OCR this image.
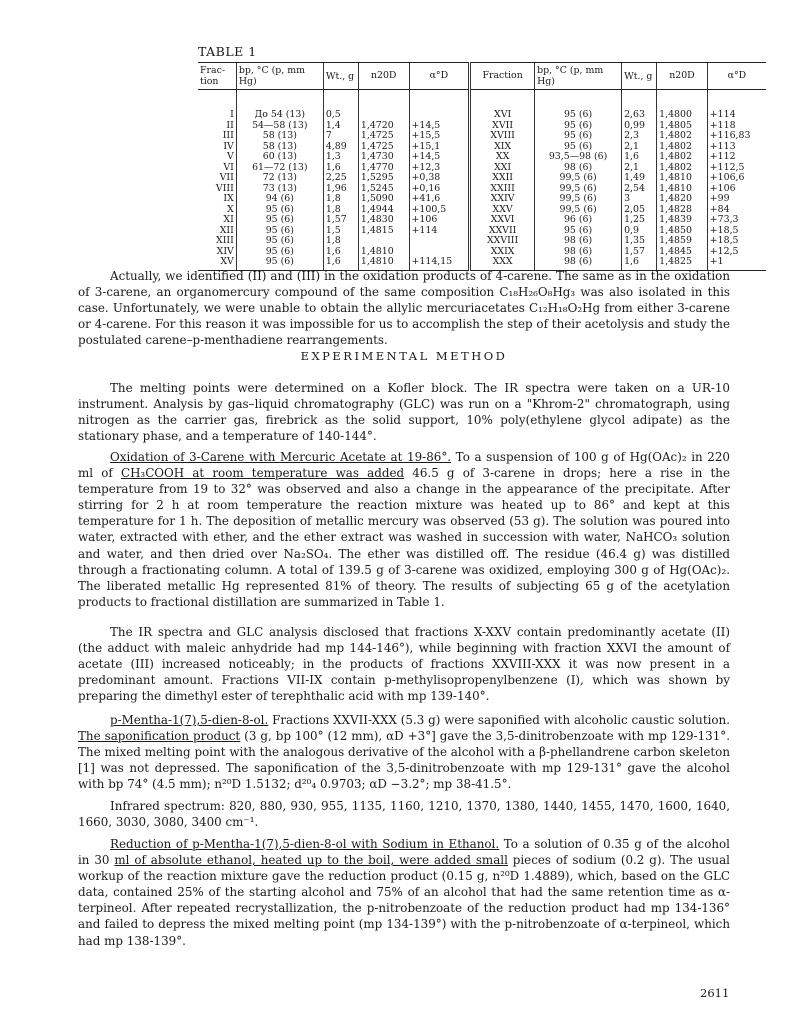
TABLE 1
Frac-tion	bp, °C (p, mm Hg)	Wt., g	n20D	α°D	Fraction	bp, °C (p, mm Hg)	Wt., g	n20D	α°D
I	До 54 (13)	0,5			XVI	95 (6)	2,63	1,4800	+114
II	54—58 (13)	1,4	1,4720	+14,5	XVII	95 (6)	0,99	1,4805	+118
III	58 (13)	7	1,4725	+15,5	XVIII	95 (6)	2,3	1,4802	+116,83
IV	58 (13)	4,89	1,4725	+15,1	XIX	95 (6)	2,1	1,4802	+113
V	60 (13)	1,3	1,4730	+14,5	XX	93,5—98 (6)	1,6	1,4802	+112
VI	61—72 (13)	1,6	1,4770	+12,3	XXI	98 (6)	2,1	1,4802	+112,5
VII	72 (13)	2,25	1,5295	+0,38	XXII	99,5 (6)	1,49	1,4810	+106,6
VIII	73 (13)	1,96	1,5245	+0,16	XXIII	99,5 (6)	2,54	1,4810	+106
IX	94 (6)	1,8	1,5090	+41,6	XXIV	99,5 (6)	3	1,4820	+99
X	95 (6)	1,8	1,4944	+100,5	XXV	99,5 (6)	2,05	1,4828	+84
XI	95 (6)	1,57	1,4830	+106	XXVI	96 (6)	1,25	1,4839	+73,3
XII	95 (6)	1,5	1,4815	+114	XXVII	95 (6)	0,9	1,4850	+18,5
XIII	95 (6)	1,8			XXVIII	98 (6)	1,35	1,4859	+18,5
XIV	95 (6)	1,6	1,4810		XXIX	98 (6)	1,57	1,4845	+12,5
XV	95 (6)	1,6	1,4810	+114,15	XXX	98 (6)	1,6	1,4825	+1

Actually, we identified (II) and (III) in the oxidation products of 4-carene. The same as in the oxidation of 3-carene, an organomercury compound of the same composition C₁₈H₂₆O₈Hg₃ was also isolated in this case. Unfortunately, we were unable to obtain the allylic mercuriacetates C₁₂H₁₈O₂Hg from either 3-carene or 4-carene. For this reason it was impossible for us to accomplish the step of their acetolysis and study the postulated carene–p-menthadiene rearrangements.

EXPERIMENTAL METHOD

The melting points were determined on a Kofler block. The IR spectra were taken on a UR-10 instrument. Analysis by gas–liquid chromatography (GLC) was run on a "Khrom-2" chromatograph, using nitrogen as the carrier gas, firebrick as the solid support, 10% poly(ethylene glycol adipate) as the stationary phase, and a temperature of 140-144°.

Oxidation of 3-Carene with Mercuric Acetate at 19-86°. To a suspension of 100 g of Hg(OAc)₂ in 220 ml of CH₃COOH at room temperature was added 46.5 g of 3-carene in drops; here a rise in the temperature from 19 to 32° was observed and also a change in the appearance of the precipitate. After stirring for 2 h at room temperature the reaction mixture was heated up to 86° and kept at this temperature for 1 h. The deposition of metallic mercury was observed (53 g). The solution was poured into water, extracted with ether, and the ether extract was washed in succession with water, NaHCO₃ solution and water, and then dried over Na₂SO₄. The ether was distilled off. The residue (46.4 g) was distilled through a fractionating column. A total of 139.5 g of 3-carene was oxidized, employing 300 g of Hg(OAc)₂. The liberated metallic Hg represented 81% of theory. The results of subjecting 65 g of the acetylation products to fractional distillation are summarized in Table 1.

The IR spectra and GLC analysis disclosed that fractions X-XXV contain predominantly acetate (II) (the adduct with maleic anhydride had mp 144-146°), while beginning with fraction XXVI the amount of acetate (III) increased noticeably; in the products of fractions XXVIII-XXX it was now present in a predominant amount. Fractions VII-IX contain p-methylisopropenylbenzene (I), which was shown by preparing the dimethyl ester of terephthalic acid with mp 139-140°.

p-Mentha-1(7),5-dien-8-ol. Fractions XXVII-XXX (5.3 g) were saponified with alcoholic caustic solution. The saponification product (3 g, bp 100° (12 mm), αD +3°] gave the 3,5-dinitrobenzoate with mp 129-131°. The mixed melting point with the analogous derivative of the alcohol with a β-phellandrene carbon skeleton [1] was not depressed. The saponification of the 3,5-dinitrobenzoate with mp 129-131° gave the alcohol with bp 74° (4.5 mm); n²⁰D 1.5132; d²⁰₄ 0.9703; αD −3.2°; mp 38-41.5°.

Infrared spectrum: 820, 880, 930, 955, 1135, 1160, 1210, 1370, 1380, 1440, 1455, 1470, 1600, 1640, 1660, 3030, 3080, 3400 cm⁻¹.

Reduction of p-Mentha-1(7),5-dien-8-ol with Sodium in Ethanol. To a solution of 0.35 g of the alcohol in 30 ml of absolute ethanol, heated up to the boil, were added small pieces of sodium (0.2 g). The usual workup of the reaction mixture gave the reduction product (0.15 g, n²⁰D 1.4889), which, based on the GLC data, contained 25% of the starting alcohol and 75% of an alcohol that had the same retention time as α-terpineol. After repeated recrystallization, the p-nitrobenzoate of the reduction product had mp 134-136° and failed to depress the mixed melting point (mp 134-139°) with the p-nitrobenzoate of α-terpineol, which had mp 138-139°.

2611
